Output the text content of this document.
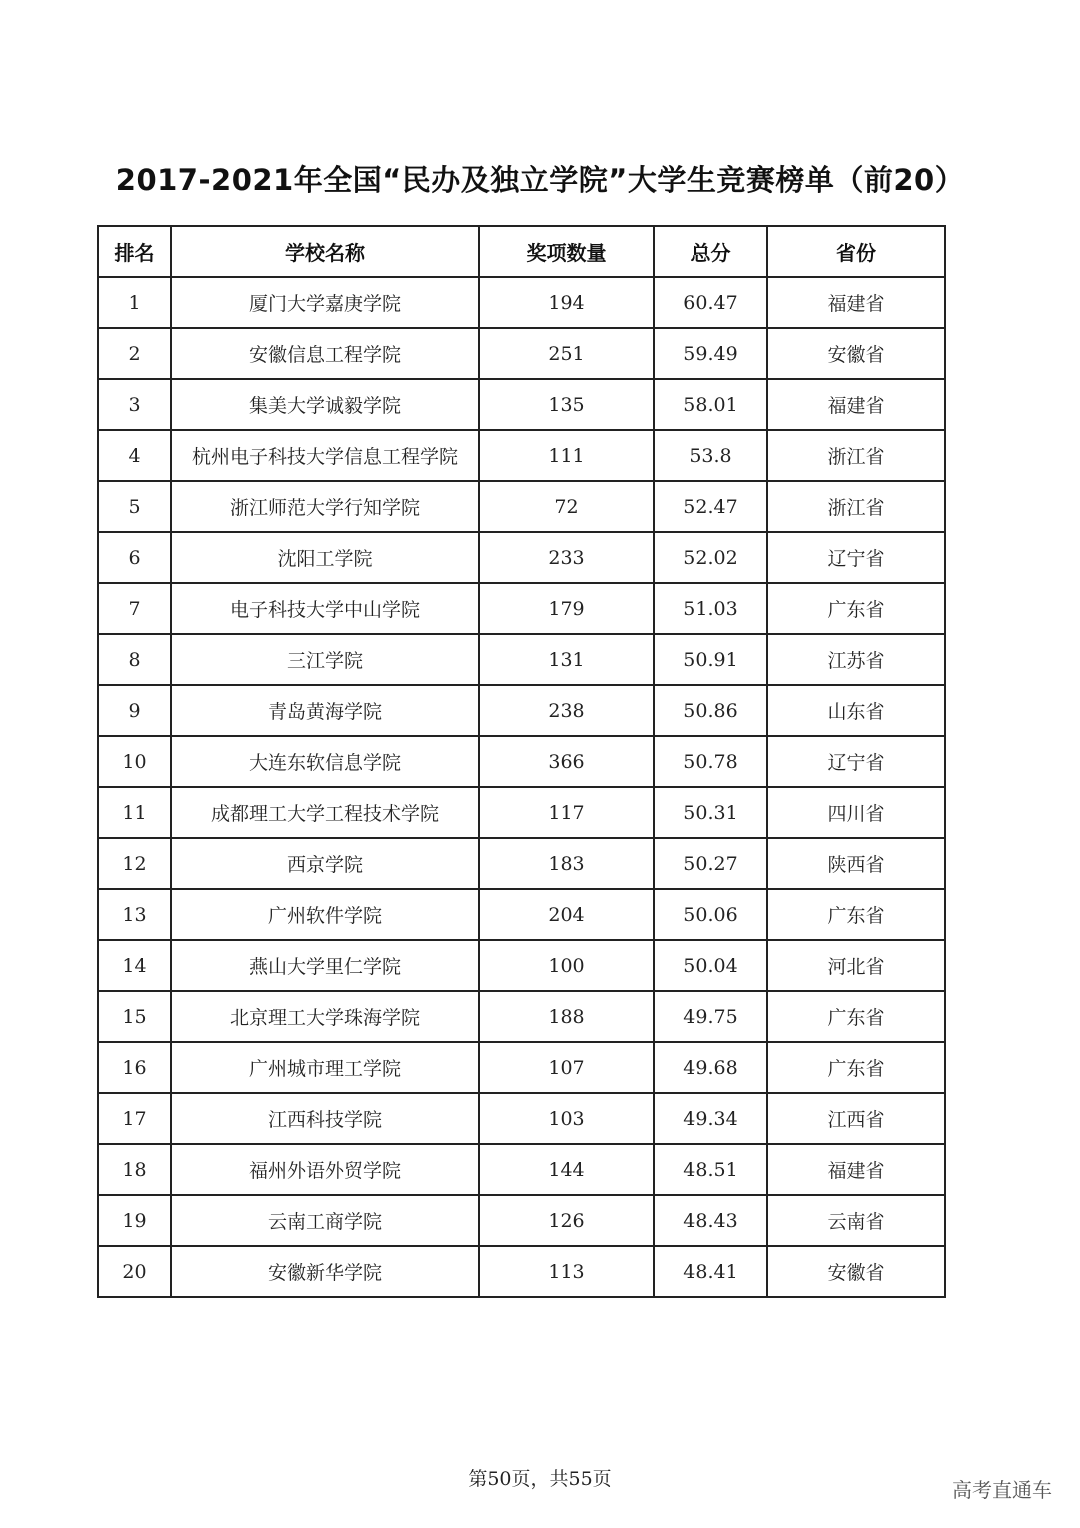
2017-2021年全国“民办及独立学院”大学生竞赛榜单（前20）
排名	学校名称	奖项数量	总分	省份
1	厦门大学嘉庚学院	194	60.47	福建省
2	安徽信息工程学院	251	59.49	安徽省
3	集美大学诚毅学院	135	58.01	福建省
4	杭州电子科技大学信息工程学院	111	53.8	浙江省
5	浙江师范大学行知学院	72	52.47	浙江省
6	沈阳工学院	233	52.02	辽宁省
7	电子科技大学中山学院	179	51.03	广东省
8	三江学院	131	50.91	江苏省
9	青岛黄海学院	238	50.86	山东省
10	大连东软信息学院	366	50.78	辽宁省
11	成都理工大学工程技术学院	117	50.31	四川省
12	西京学院	183	50.27	陕西省
13	广州软件学院	204	50.06	广东省
14	燕山大学里仁学院	100	50.04	河北省
15	北京理工大学珠海学院	188	49.75	广东省
16	广州城市理工学院	107	49.68	广东省
17	江西科技学院	103	49.34	江西省
18	福州外语外贸学院	144	48.51	福建省
19	云南工商学院	126	48.43	云南省
20	安徽新华学院	113	48.41	安徽省
第50页，共55页	高考直通车
